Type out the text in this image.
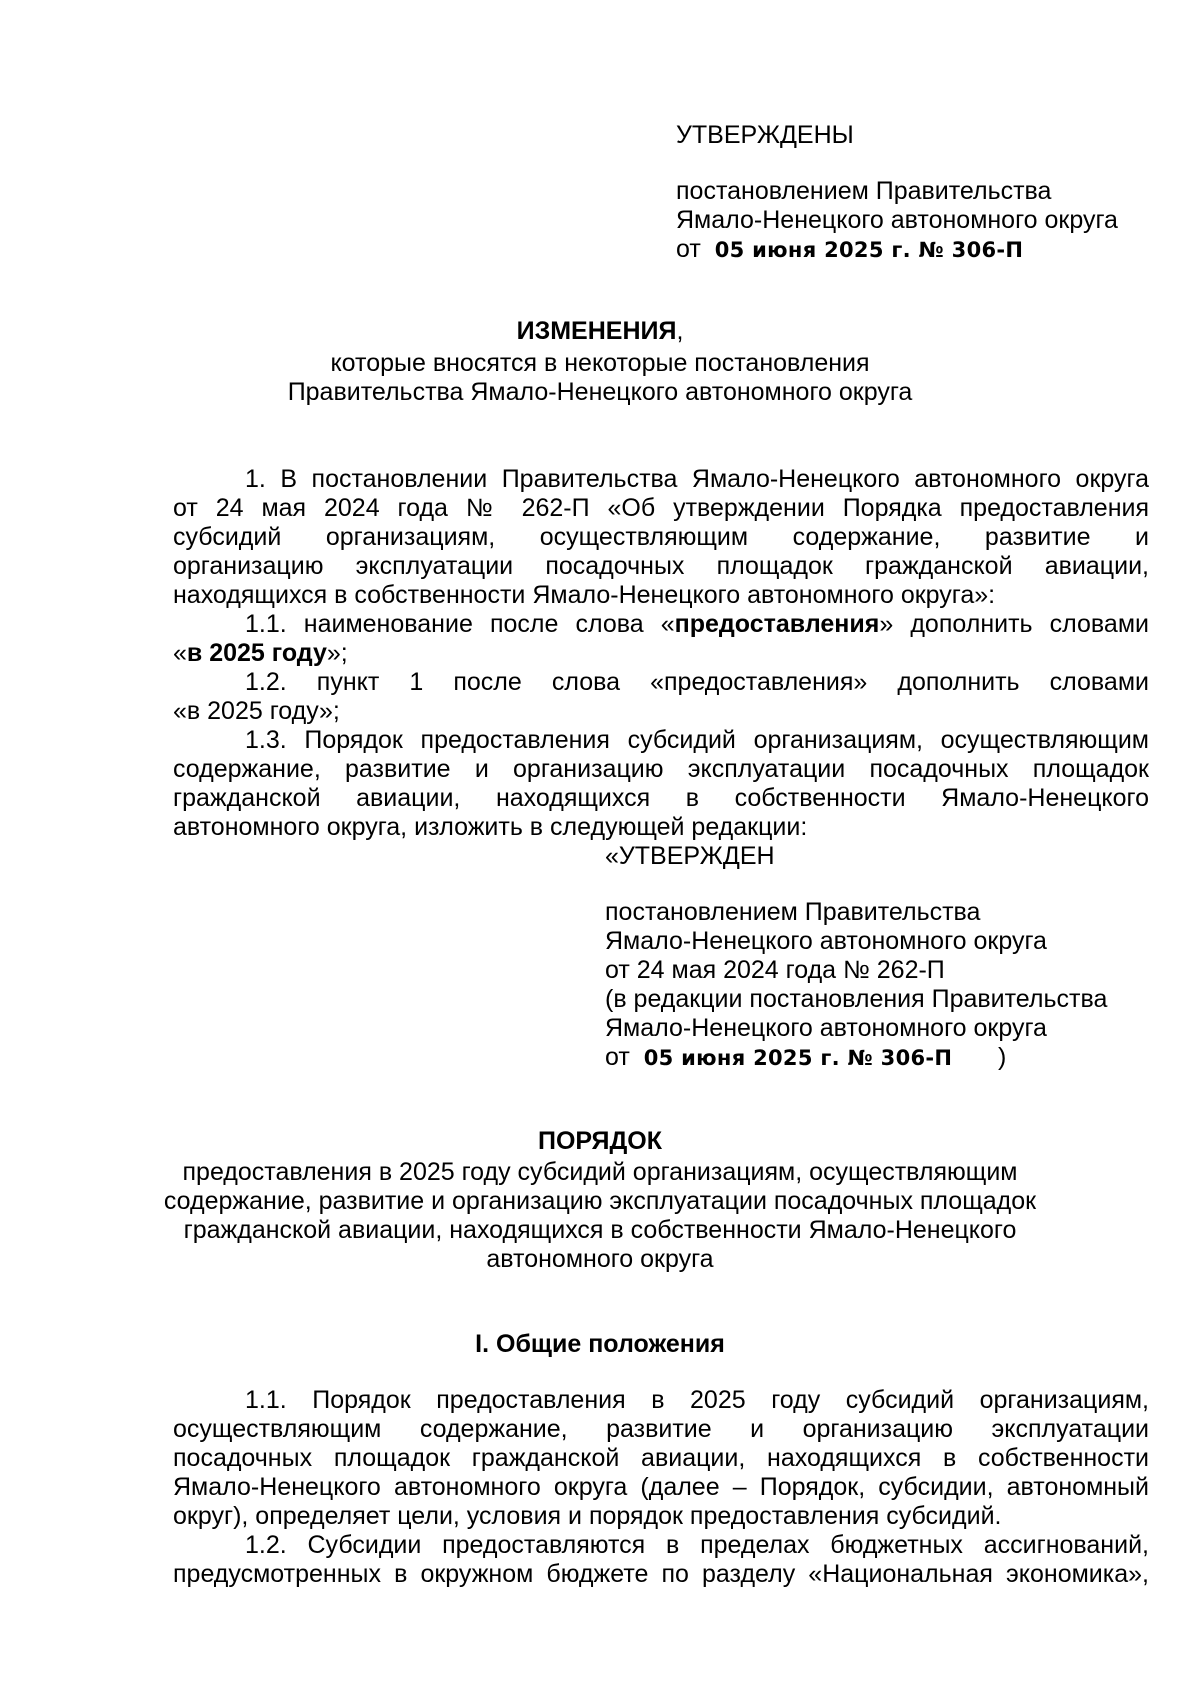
УТВЕРЖДЕНЫ
постановлением Правительства
Ямало-Ненецкого автономного округа
от 05 июня 2025 г. № 306-П
ИЗМЕНЕНИЯ,
которые вносятся в некоторые постановления
Правительства Ямало-Ненецкого автономного округа
1. В постановлении Правительства Ямало-Ненецкого автономного округа
от 24 мая 2024 года № 262-П «Об утверждении Порядка предоставления
субсидий организациям, осуществляющим содержание, развитие и
организацию эксплуатации посадочных площадок гражданской авиации,
находящихся в собственности Ямало-Ненецкого автономного округа»:
1.1. наименование после слова «предоставления» дополнить словами
«в 2025 году»;
1.2. пункт 1 после слова «предоставления» дополнить словами
«в 2025 году»;
1.3. Порядок предоставления субсидий организациям, осуществляющим
содержание, развитие и организацию эксплуатации посадочных площадок
гражданской авиации, находящихся в собственности Ямало-Ненецкого
автономного округа, изложить в следующей редакции:
«УТВЕРЖДЕН
постановлением Правительства
Ямало-Ненецкого автономного округа
от 24 мая 2024 года № 262-П
(в редакции постановления Правительства
Ямало-Ненецкого автономного округа
от 05 июня 2025 г. № 306-П )
ПОРЯДОК
предоставления в 2025 году субсидий организациям, осуществляющим
содержание, развитие и организацию эксплуатации посадочных площадок
гражданской авиации, находящихся в собственности Ямало-Ненецкого
автономного округа
I. Общие положения
1.1. Порядок предоставления в 2025 году субсидий организациям,
осуществляющим содержание, развитие и организацию эксплуатации
посадочных площадок гражданской авиации, находящихся в собственности
Ямало-Ненецкого автономного округа (далее – Порядок, субсидии, автономный
округ), определяет цели, условия и порядок предоставления субсидий.
1.2. Субсидии предоставляются в пределах бюджетных ассигнований,
предусмотренных в окружном бюджете по разделу «Национальная экономика»,
